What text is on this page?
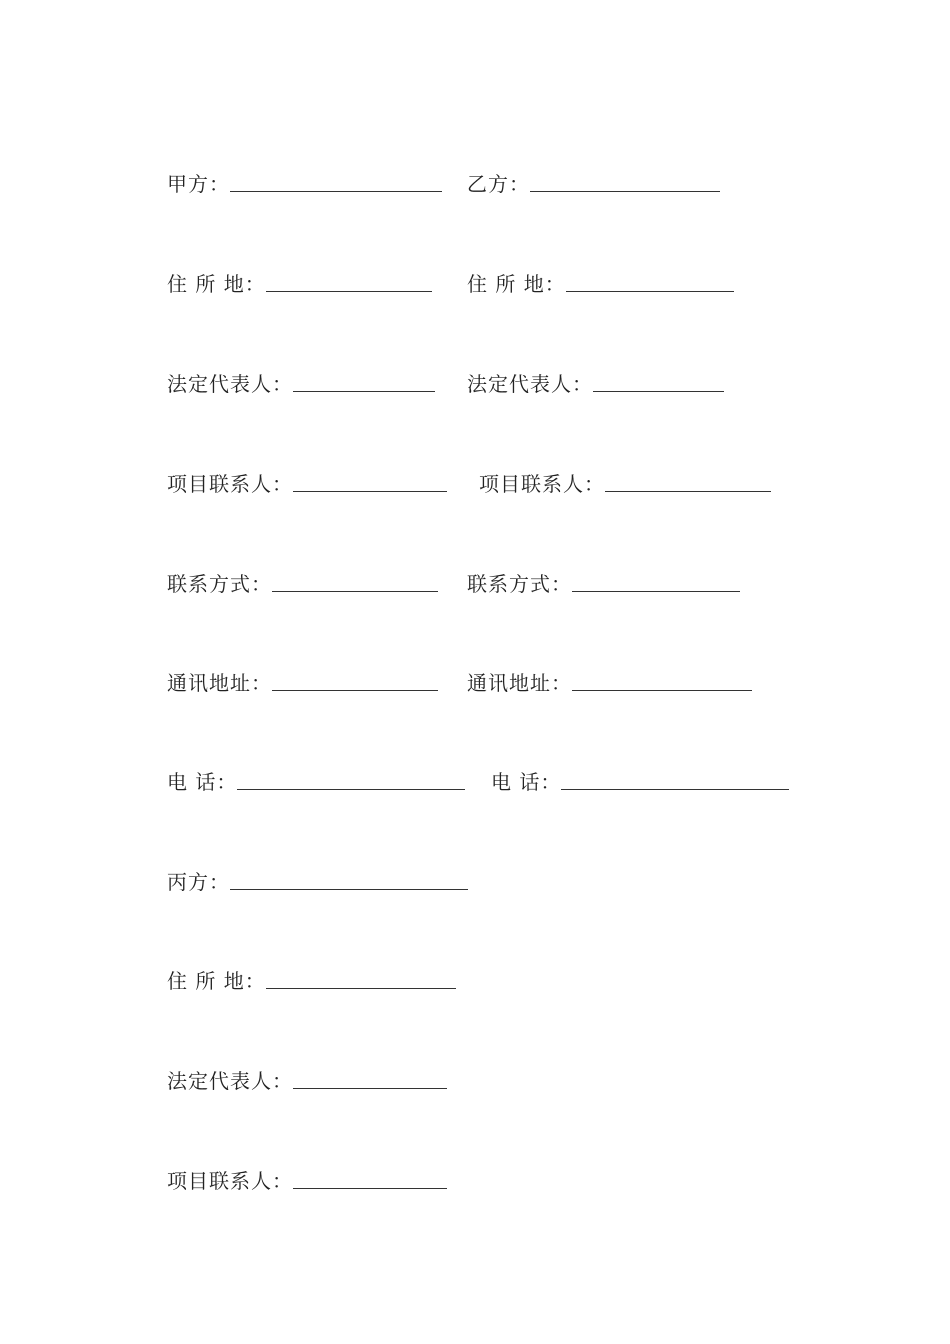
甲方：	乙方：
住 所 地：	住 所 地：
法定代表人：	法定代表人：
项目联系人：	项目联系人：
联系方式：	联系方式：
通讯地址：	通讯地址：
电 话：	电 话：
丙方：
住 所 地：
法定代表人：
项目联系人：
